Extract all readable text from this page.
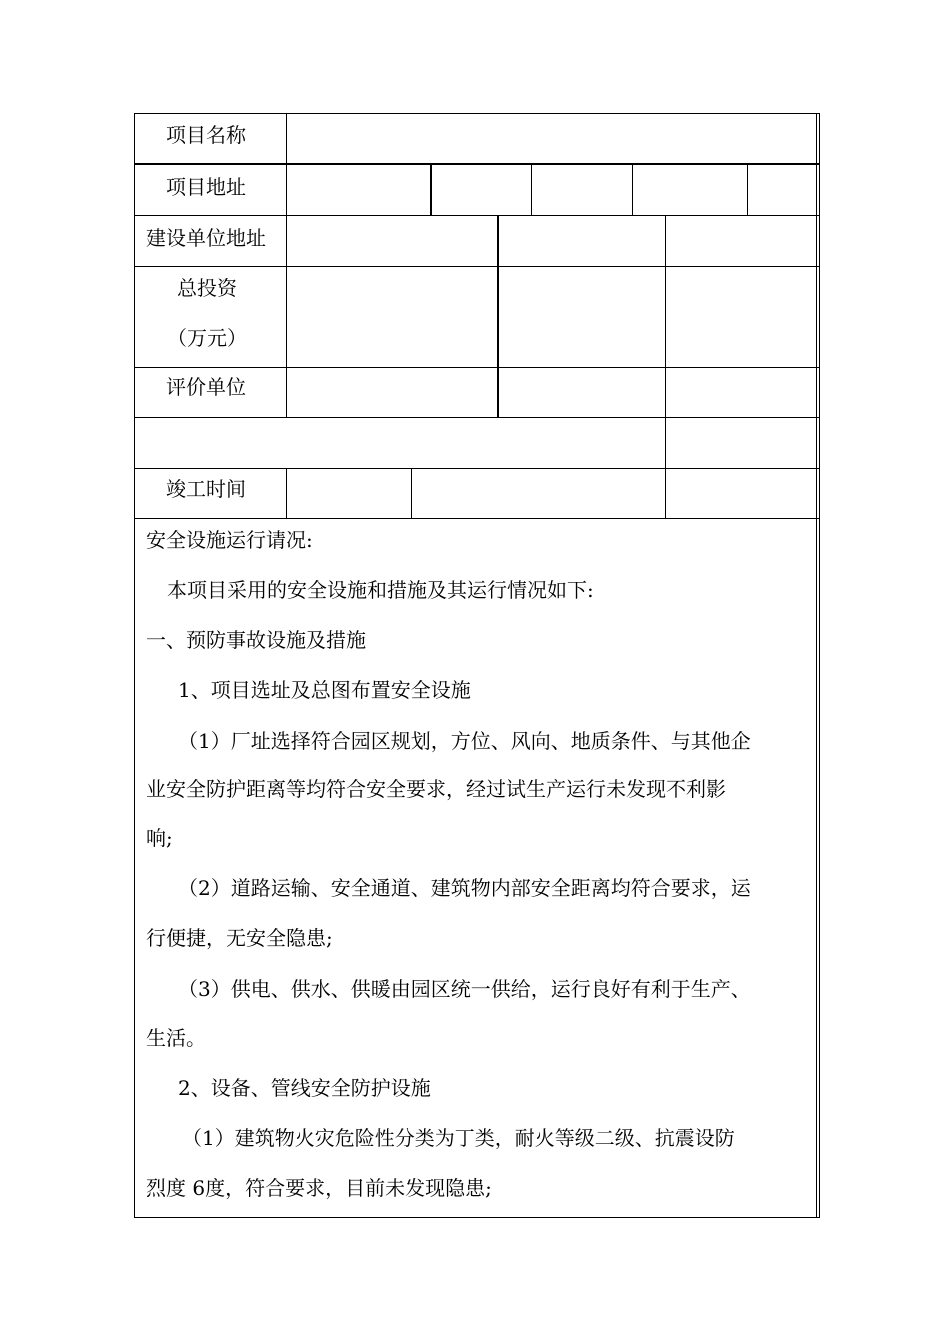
项目名称
项目地址
建设单位地址
总投资
（万元）
评价单位
竣工时间
安全设施运行请况:
本项目采用的安全设施和措施及其运行情况如下:
一、预防事故设施及措施
1、项目选址及总图布置安全设施
（1）厂址选择符合园区规划，方位、风向、地质条件、与其他企
业安全防护距离等均符合安全要求，经过试生产运行未发现不利影
响;
（2）道路运输、安全通道、建筑物内部安全距离均符合要求，运
行便捷，无安全隐患;
（3）供电、供水、供暖由园区统一供给，运行良好有利于生产、
生活。
2、设备、管线安全防护设施
（1）建筑物火灾危险性分类为丁类，耐火等级二级、抗震设防
烈度 6度，符合要求，目前未发现隐患;
